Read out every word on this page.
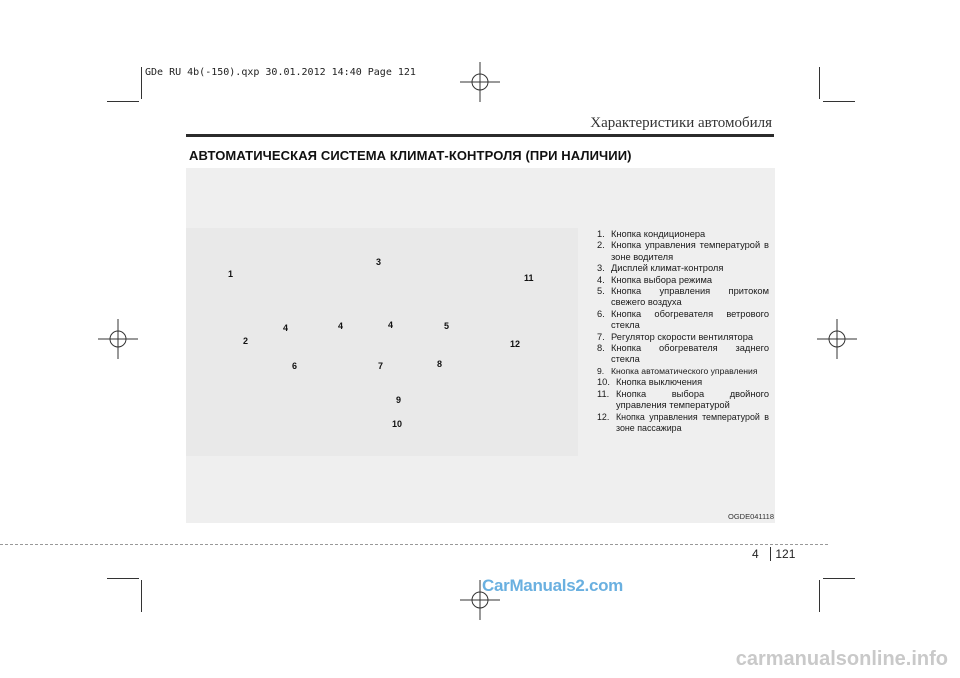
GDe RU 4b(-150).qxp 30.01.2012 14:40 Page 121
Характеристики автомобиля
АВТОМАТИЧЕСКАЯ СИСТЕМА КЛИМАТ-КОНТРОЛЯ (ПРИ НАЛИЧИИ)
1
3
11
4	4	4	5
2	12
6	7	8
9
10
1. Кнопка кондиционера
2. Кнопка управления температурой в зоне водителя
3. Дисплей климат-контроля
4. Кнопка выбора режима
5. Кнопка управления притоком свежего воздуха
6. Кнопка обогревателя ветрового стекла
7. Регулятор скорости вентилятора
8. Кнопка обогревателя заднего стекла
9. Кнопка автоматического управления
10. Кнопка выключения
11. Кнопка выбора двойного управления температурой
12. Кнопка управления температурой в зоне пассажира
OGDE041118
4 121
CarManuals2.com
carmanualsonline.info
